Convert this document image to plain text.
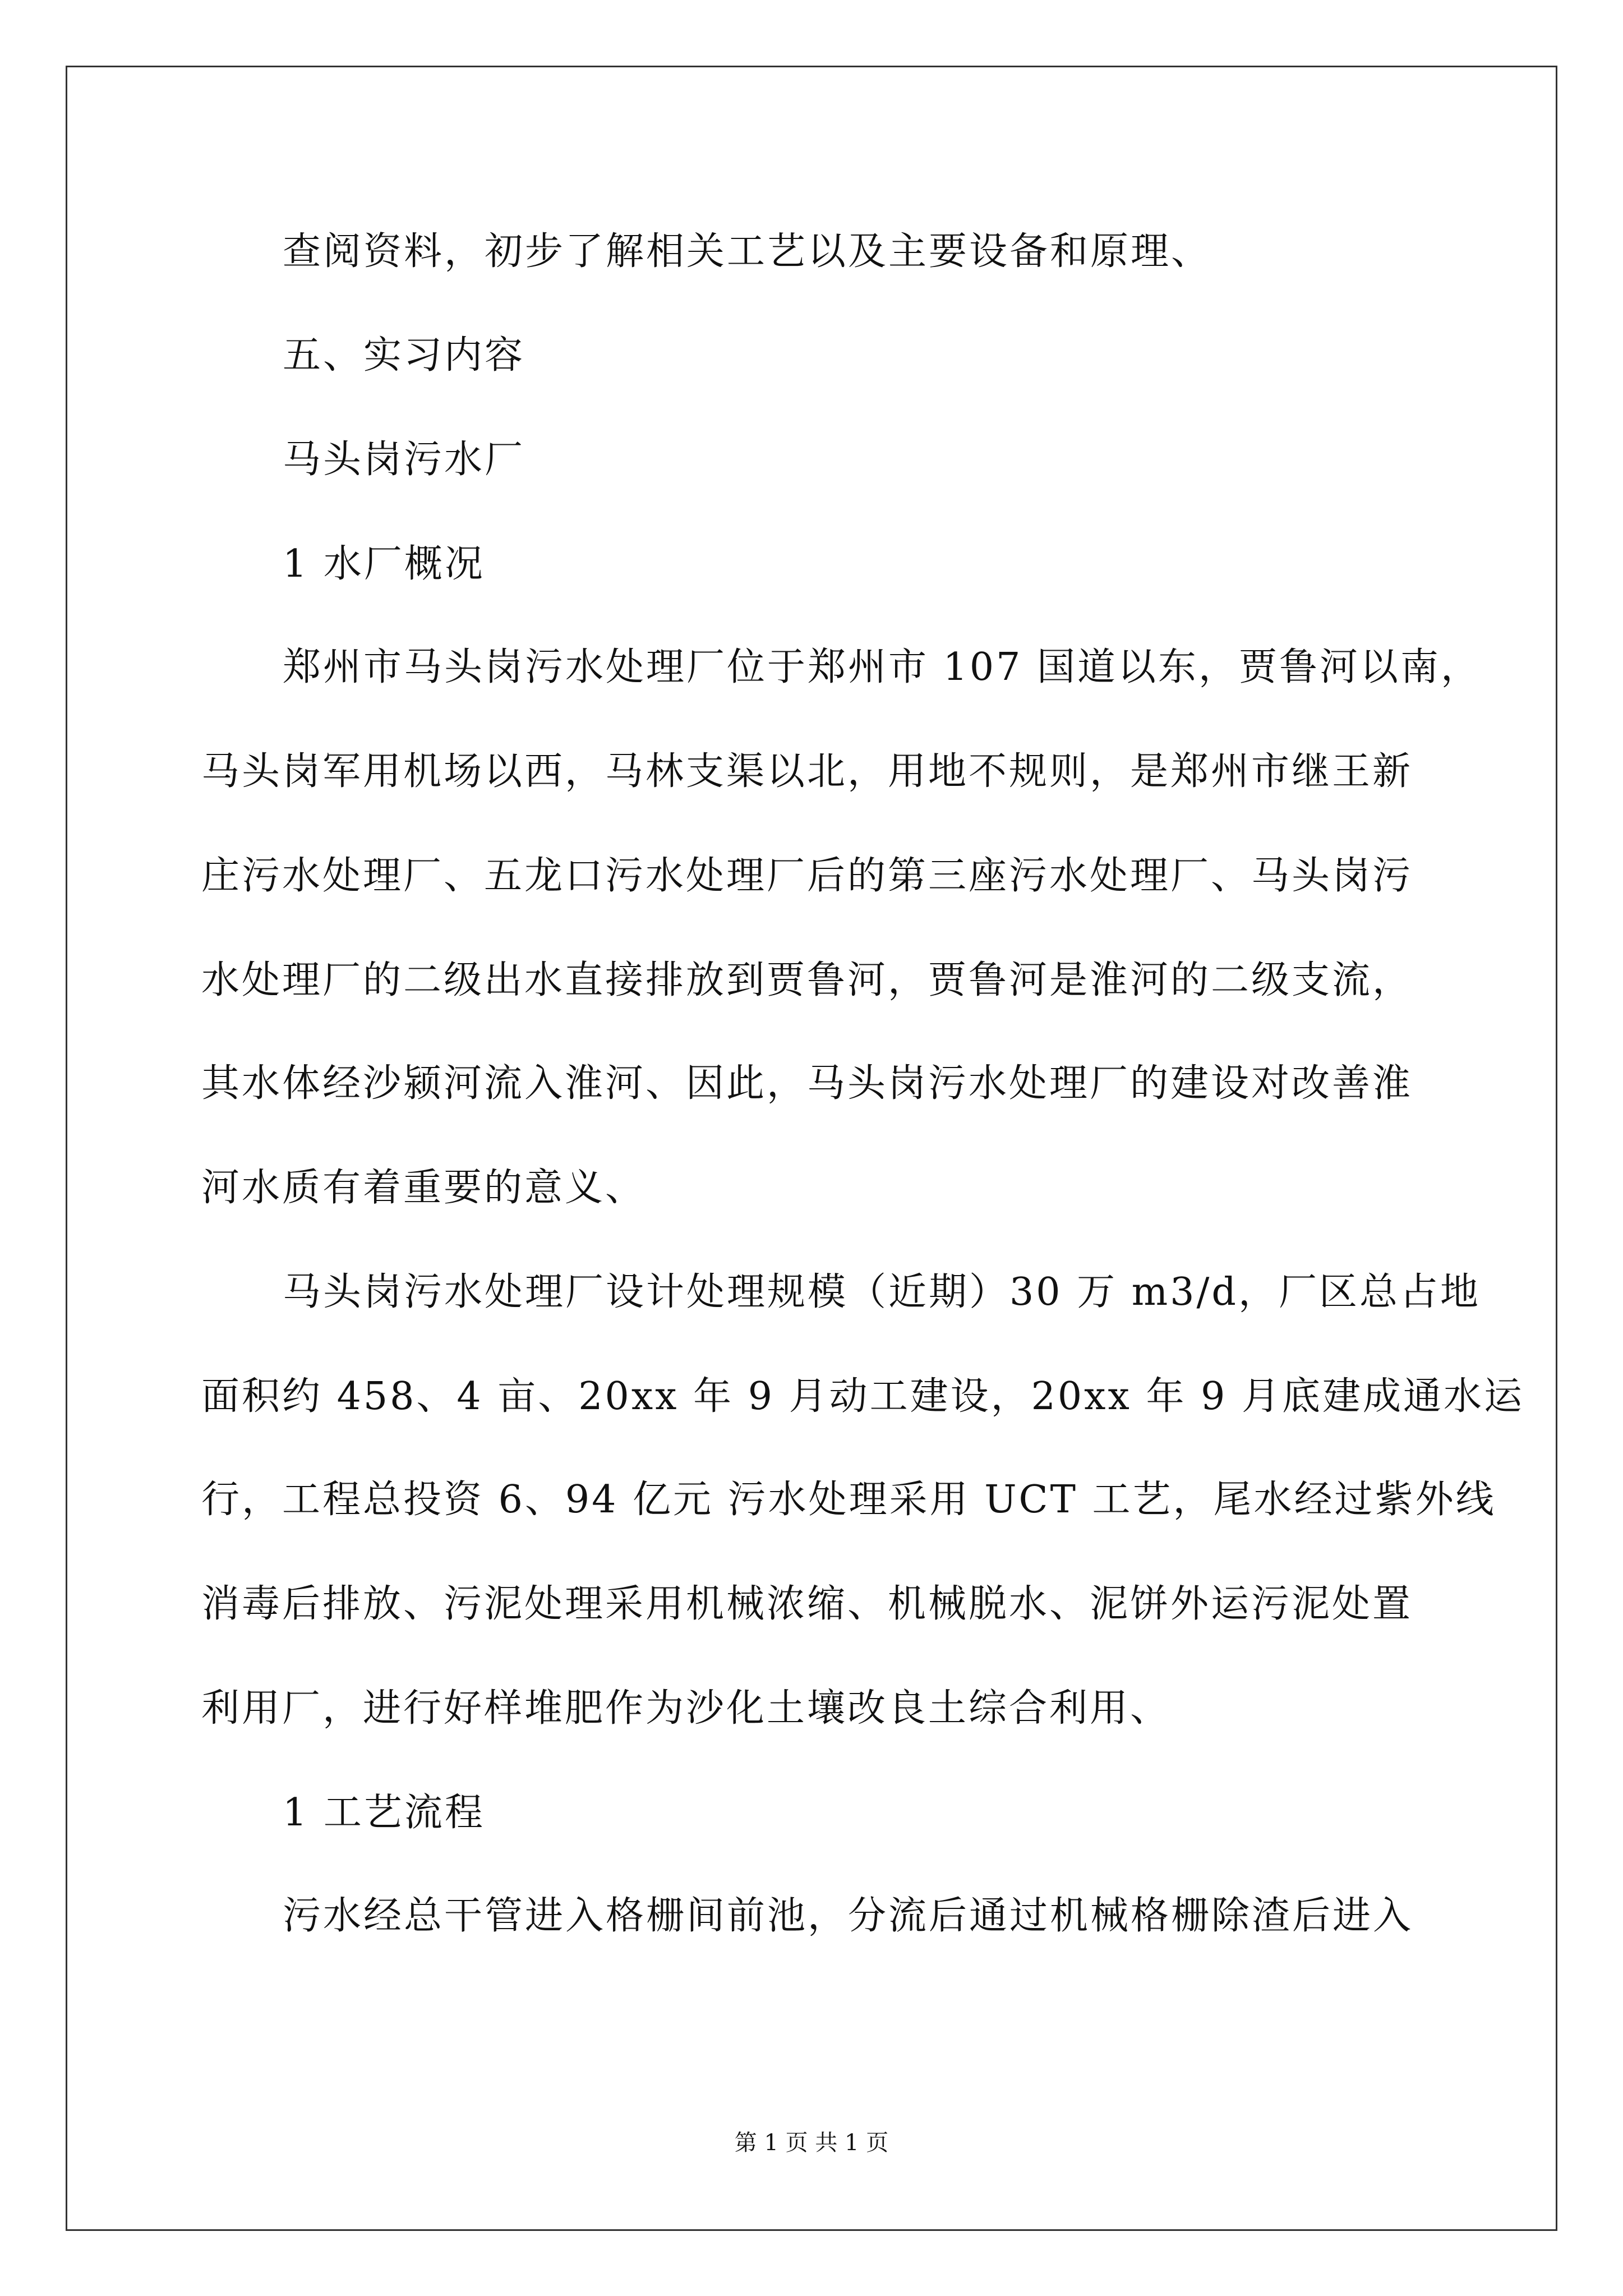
查阅资料，初步了解相关工艺以及主要设备和原理、
五、实习内容
马头岗污水厂
1 水厂概况
郑州市马头岗污水处理厂位于郑州市 107 国道以东，贾鲁河以南，
马头岗军用机场以西，马林支渠以北，用地不规则，是郑州市继王新
庄污水处理厂、五龙口污水处理厂后的第三座污水处理厂、马头岗污
水处理厂的二级出水直接排放到贾鲁河，贾鲁河是淮河的二级支流，
其水体经沙颍河流入淮河、因此，马头岗污水处理厂的建设对改善淮
河水质有着重要的意义、
马头岗污水处理厂设计处理规模（近期）30 万 m3/d，厂区总占地
面积约 458、4 亩、20xx 年 9 月动工建设，20xx 年 9 月底建成通水运
行，工程总投资 6、94 亿元 污水处理采用 UCT 工艺，尾水经过紫外线
消毒后排放、污泥处理采用机械浓缩、机械脱水、泥饼外运污泥处置
利用厂，进行好样堆肥作为沙化土壤改良土综合利用、
1 工艺流程
污水经总干管进入格栅间前池，分流后通过机械格栅除渣后进入
第 1 页 共 1 页
